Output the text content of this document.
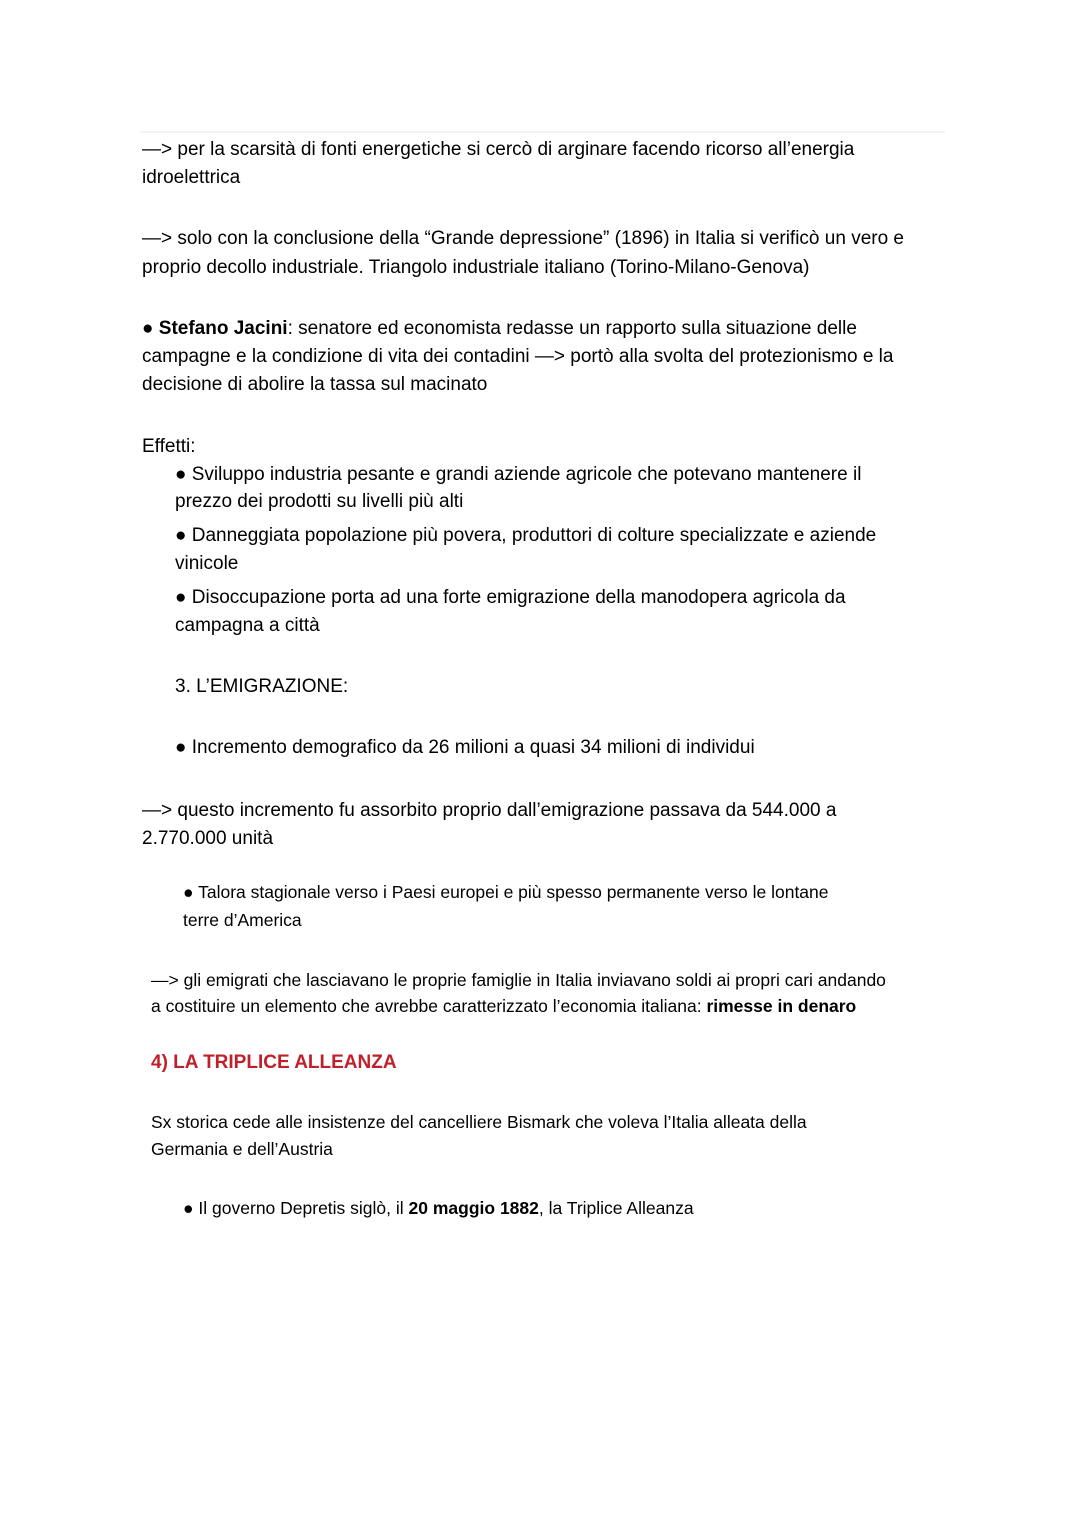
—> per la scarsità di fonti energetiche si cercò di arginare facendo ricorso all’energia

idroelettrica

—> solo con la conclusione della “Grande depressione” (1896) in Italia si verificò un vero e

proprio decollo industriale. Triangolo industriale italiano (Torino-Milano-Genova)

● Stefano Jacini: senatore ed economista redasse un rapporto sulla situazione delle

campagne e la condizione di vita dei contadini —> portò alla svolta del protezionismo e la

decisione di abolire la tassa sul macinato

Effetti:

● Sviluppo industria pesante e grandi aziende agricole che potevano mantenere il

prezzo dei prodotti su livelli più alti

● Danneggiata popolazione più povera, produttori di colture specializzate e aziende

vinicole

● Disoccupazione porta ad una forte emigrazione della manodopera agricola da

campagna a città

3. L’EMIGRAZIONE:

● Incremento demografico da 26 milioni a quasi 34 milioni di individui

—> questo incremento fu assorbito proprio dall’emigrazione passava da 544.000 a

2.770.000 unità

● Talora stagionale verso i Paesi europei e più spesso permanente verso le lontane

terre d’America

—> gli emigrati che lasciavano le proprie famiglie in Italia inviavano soldi ai propri cari andando

a costituire un elemento che avrebbe caratterizzato l’economia italiana: rimesse in denaro

4) LA TRIPLICE ALLEANZA

Sx storica cede alle insistenze del cancelliere Bismark che voleva l’Italia alleata della

Germania e dell’Austria

● Il governo Depretis siglò, il 20 maggio 1882, la Triplice Alleanza
